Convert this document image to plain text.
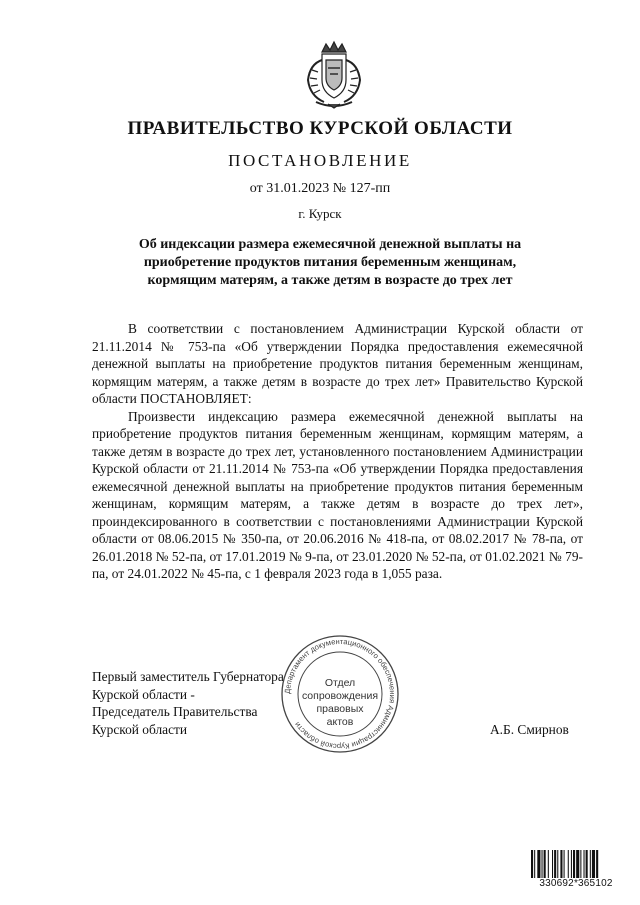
ПРАВИТЕЛЬСТВО КУРСКОЙ ОБЛАСТИ
ПОСТАНОВЛЕНИЕ
от 31.01.2023 № 127-пп
г. Курск
Об индексации размера ежемесячной денежной выплаты на
приобретение продуктов питания беременным женщинам,
кормящим матерям, а также детям в возрасте до трех лет

В соответствии с постановлением Администрации Курской области от 21.11.2014 № 753-па «Об утверждении Порядка предоставления ежемесячной денежной выплаты на приобретение продуктов питания беременным женщинам, кормящим матерям, а также детям в возрасте до трех лет» Правительство Курской области ПОСТАНОВЛЯЕТ:

Произвести индексацию размера ежемесячной денежной выплаты на приобретение продуктов питания беременным женщинам, кормящим матерям, а также детям в возрасте до трех лет, установленного постановлением Администрации Курской области от 21.11.2014 № 753-па «Об утверждении Порядка предоставления ежемесячной денежной выплаты на приобретение продуктов питания беременным женщинам, кормящим матерям, а также детям в возрасте до трех лет», проиндексированного в соответствии с постановлениями Администрации Курской области от 08.06.2015 № 350-па, от 20.06.2016 № 418-па, от 08.02.2017 № 78-па, от 26.01.2018 № 52-па, от 17.01.2019 № 9-па, от 23.01.2020 № 52-па, от 01.02.2021 № 79-па, от 24.01.2022 № 45-па, с 1 февраля 2023 года в 1,055 раза.

Первый заместитель Губернатора
Курской области -
Председатель Правительства
Курской области
Департамент документационного обеспечения Администрации Курской области
Отдел
сопровождения
правовых
актов	А.Б. Смирнов
330692*365102
